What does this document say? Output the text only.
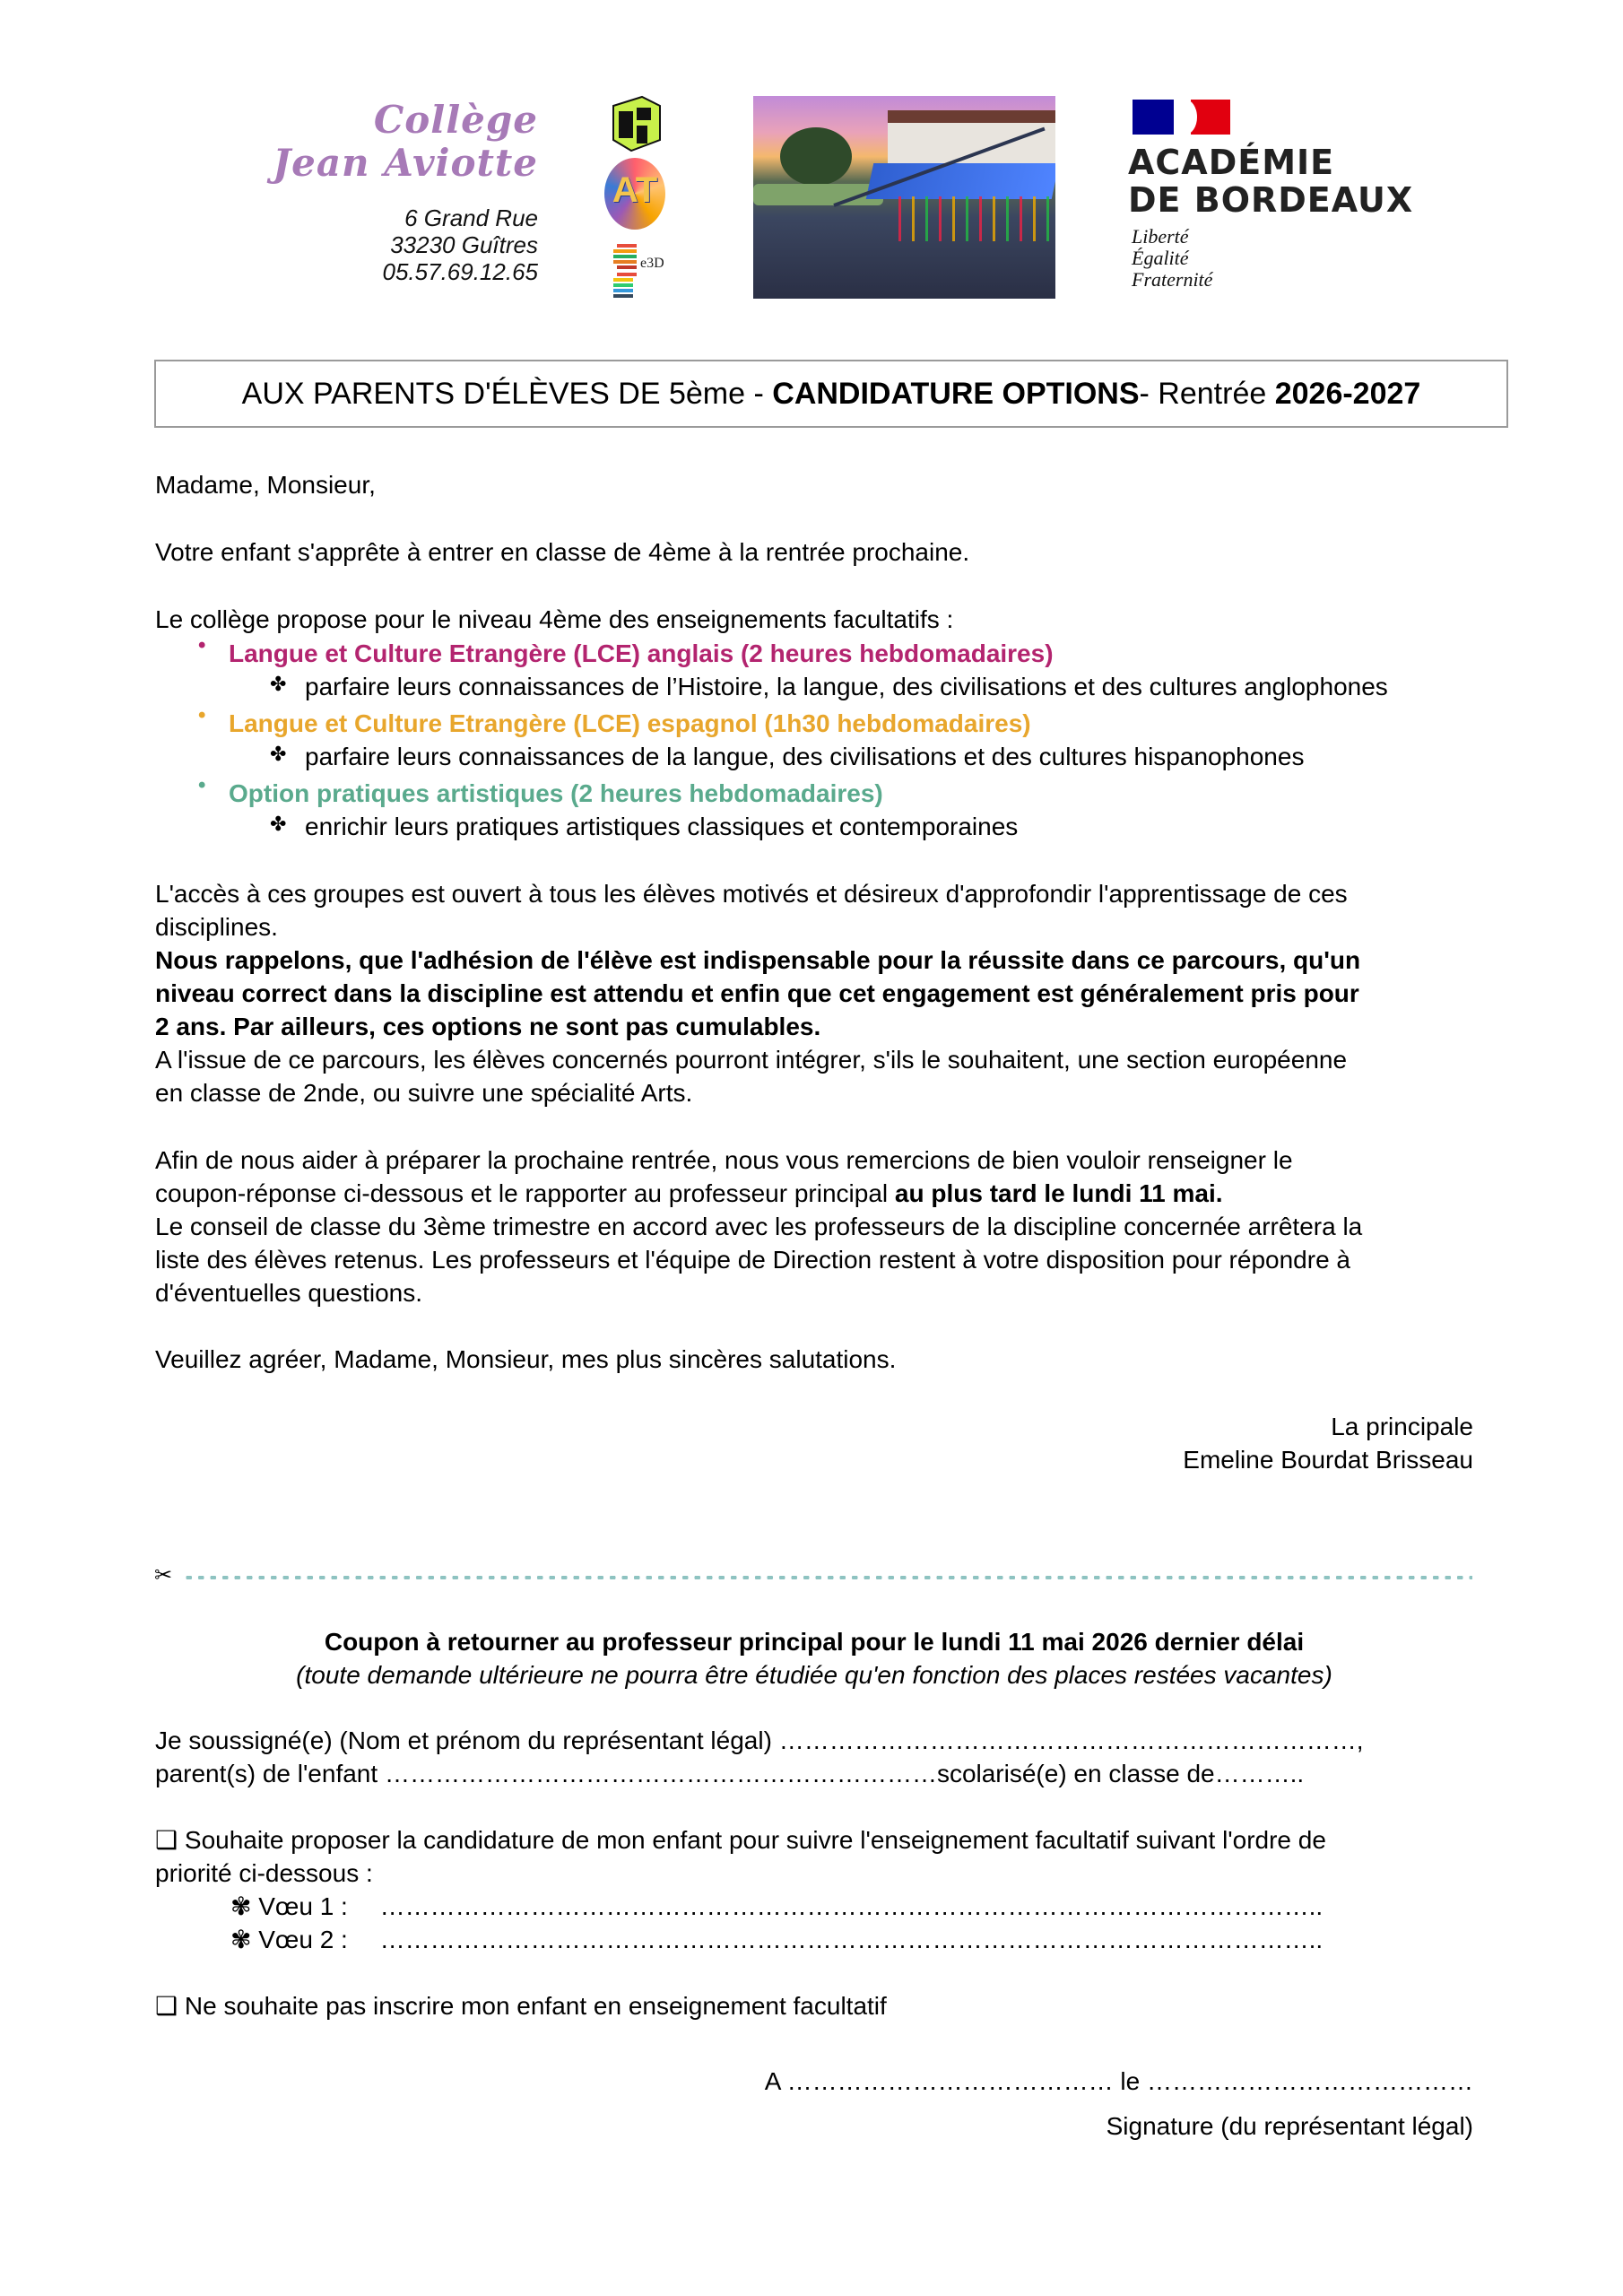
Collège
Jean Aviotte
6 Grand Rue
33230 Guîtres
05.57.69.12.65
AT
e3D
ACADÉMIE
DE BORDEAUX
Liberté
Égalité
Fraternité
AUX PARENTS D'ÉLÈVES DE 5ème -
CANDIDATURE OPTIONS - Rentrée
2026-2027
Madame, Monsieur,
Votre enfant s'apprête à entrer en classe de 4ème à la rentrée prochaine.
Le collège propose pour le niveau 4ème des enseignements facultatifs :
• Langue et Culture Etrangère (LCE) anglais (2 heures hebdomadaires)
✤ parfaire leurs connaissances de l’Histoire, la langue, des civilisations et des cultures anglophones
• Langue et Culture Etrangère (LCE) espagnol (1h30 hebdomadaires)
✤ parfaire leurs connaissances de la langue, des civilisations et des cultures hispanophones
• Option pratiques artistiques (2 heures hebdomadaires)
✤ enrichir leurs pratiques artistiques classiques et contemporaines
L'accès à ces groupes est ouvert à tous les élèves motivés et désireux d'approfondir l'apprentissage de ces
disciplines.
Nous rappelons, que l'adhésion de l'élève est indispensable pour la réussite dans ce parcours, qu'un
niveau correct dans la discipline est attendu et enfin que cet engagement est généralement pris pour
2 ans. Par ailleurs, ces options ne sont pas cumulables.
A l'issue de ce parcours, les élèves concernés pourront intégrer, s'ils le souhaitent, une section européenne
en classe de 2nde, ou suivre une spécialité Arts.
Afin de nous aider à préparer la prochaine rentrée, nous vous remercions de bien vouloir renseigner le
coupon-réponse ci-dessous et le rapporter au professeur principal au plus tard le lundi 11 mai.
Le conseil de classe du 3ème trimestre en accord avec les professeurs de la discipline concernée arrêtera la
liste des élèves retenus. Les professeurs et l'équipe de Direction restent à votre disposition pour répondre à
d'éventuelles questions.
Veuillez agréer, Madame, Monsieur, mes plus sincères salutations.
La principale
Emeline Bourdat Brisseau
✂
Coupon à retourner au professeur principal pour le lundi 11 mai 2026 dernier délai
(toute demande ultérieure ne pourra être étudiée qu'en fonction des places restées vacantes)
Je soussigné(e) (Nom et prénom du représentant légal) ……………………………………………………………,
parent(s) de l'enfant …………………………………………………………scolarisé(e) en classe de………..
❑ Souhaite proposer la candidature de mon enfant pour suivre l'enseignement facultatif suivant l'ordre de
priorité ci-dessous :
✾ Vœu 1 : …………………………………………………………………………………………………..
✾ Vœu 2 : …………………………………………………………………………………………………..
❑ Ne souhaite pas inscrire mon enfant en enseignement facultatif
A ………………………………… le …………………………………
Signature (du représentant légal)
